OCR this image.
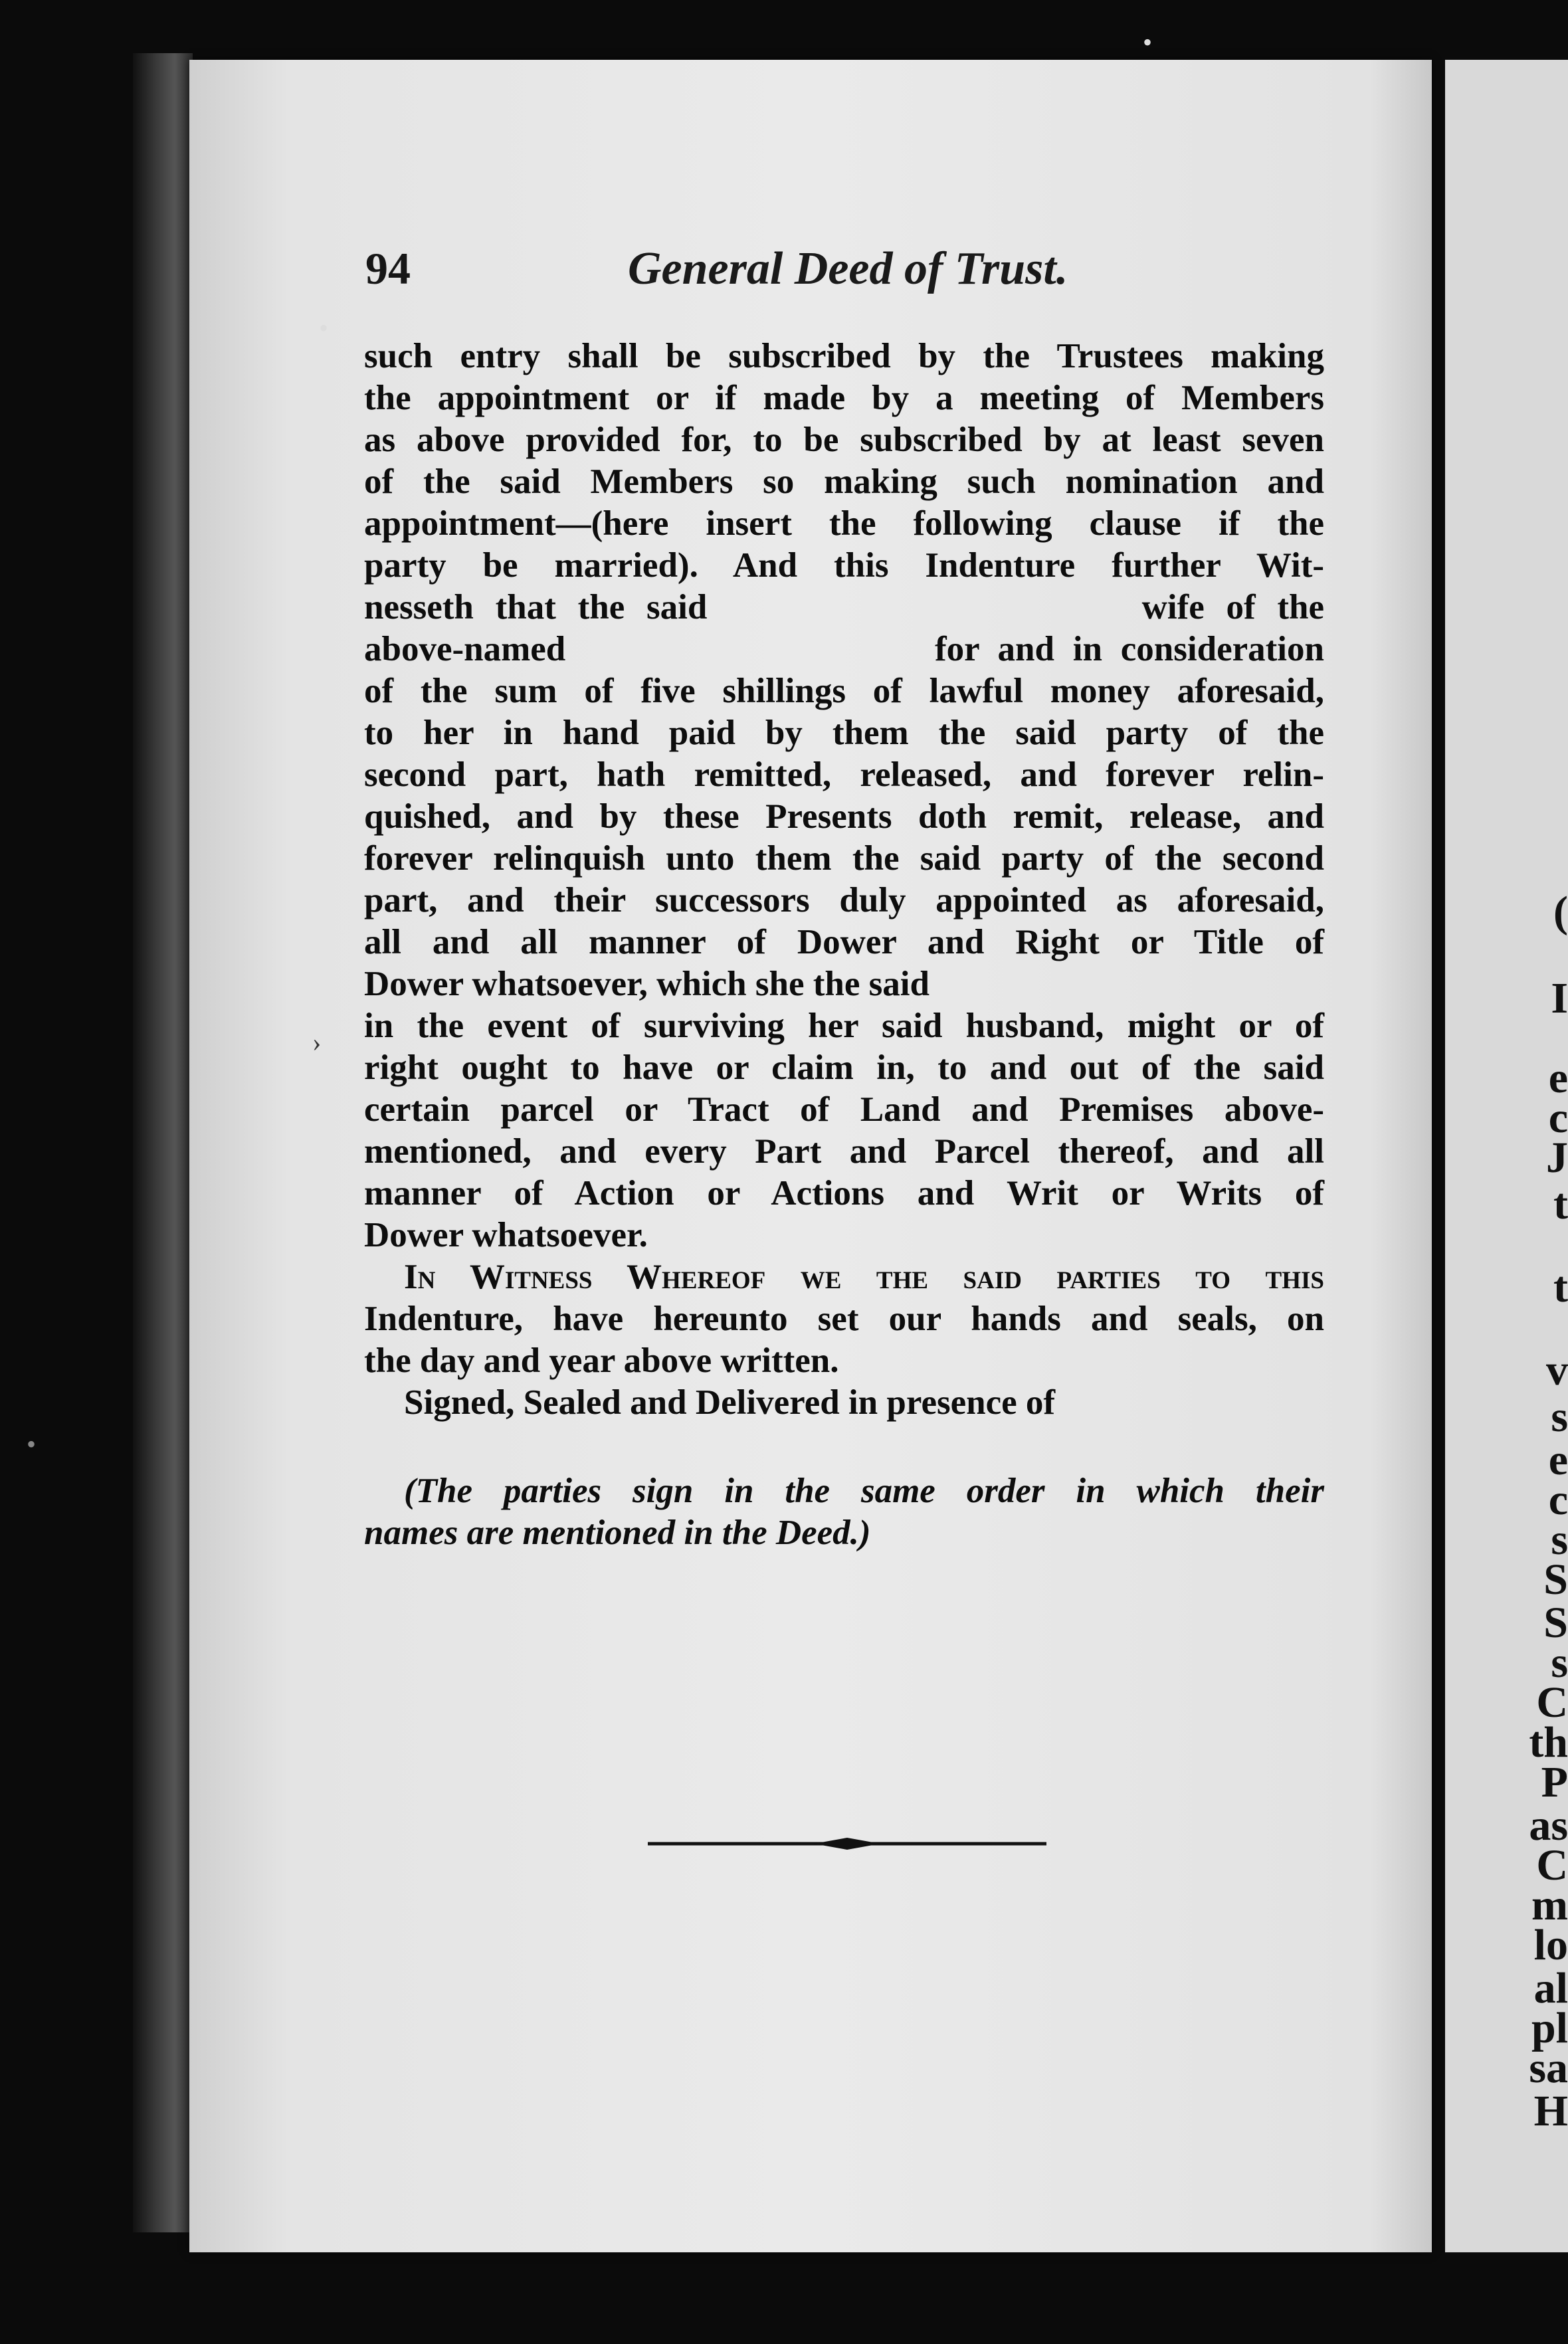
(
I
e
c
J
t
t
v
s
e
c
s
S
S
s
C
th
P
as
C
m
lo
al
pl
sa
H
94	General Deed of Trust.
such entry shall be subscribed by the Trustees making
the appointment or if made by a meeting of Members
as above provided for, to be subscribed by at least seven
of the said Members so making such nomination and
appointment—(here insert the following clause if the
party be married). And this Indenture further Wit-
nesseth that the said                    wife of the
above-named                    for and in consideration
of the sum of five shillings of lawful money aforesaid,
to her in hand paid by them the said party of the
second part, hath remitted, released, and forever relin-
quished, and by these Presents doth remit, release, and
forever relinquish unto them the said party of the second
part, and their successors duly appointed as aforesaid,
all and all manner of Dower and Right or Title of
Dower whatsoever, which she the said
in the event of surviving her said husband, might or of
right ought to have or claim in, to and out of the said
certain parcel or Tract of Land and Premises above-
mentioned, and every Part and Parcel thereof, and all
manner of Action or Actions and Writ or Writs of
Dower whatsoever.
In Witness Whereof we the said parties to this
Indenture, have hereunto set our hands and seals, on
the day and year above written.
Signed, Sealed and Delivered in presence of
(The parties sign in the same order in which their
names are mentioned in the Deed.)
•
•
•
›
